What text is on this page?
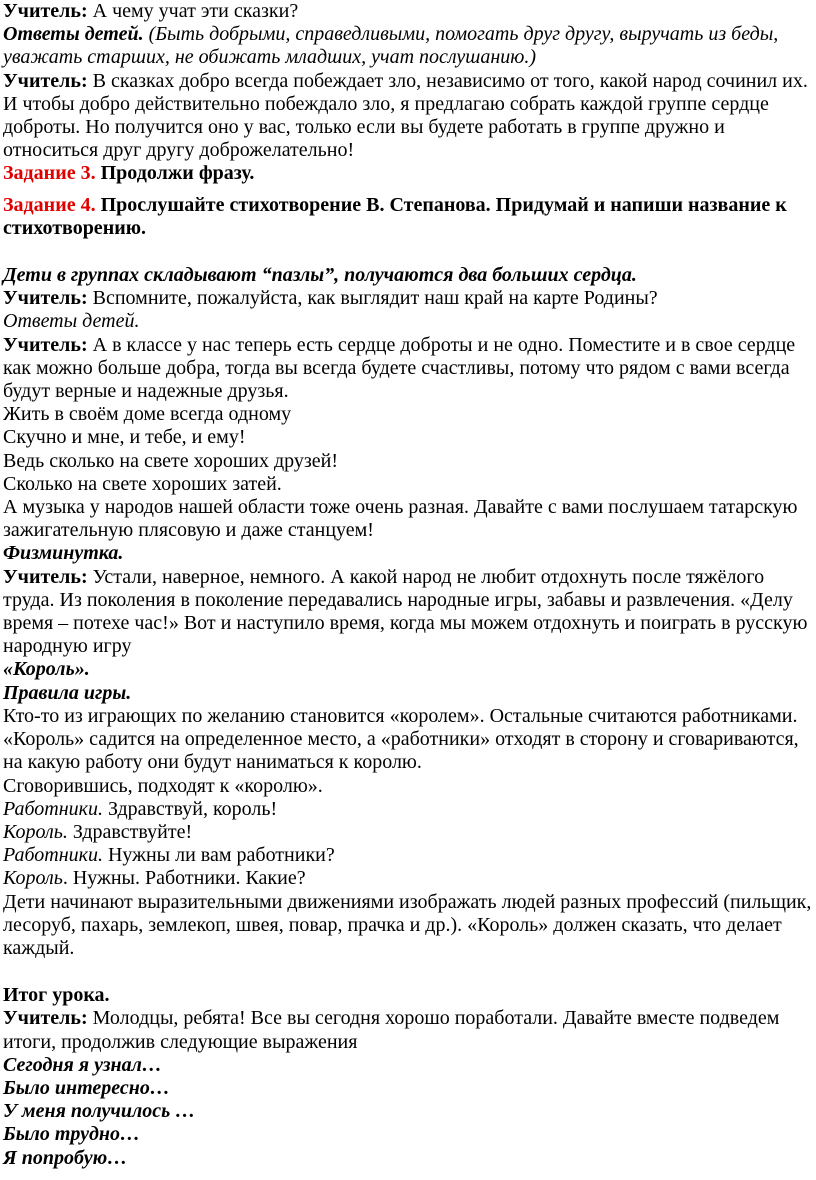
Учитель: А чему учат эти сказки?

Ответы детей. (Быть добрыми, справедливыми, помогать друг другу, выручать из беды, уважать старших, не обижать младших, учат послушанию.)

Учитель: В сказках добро всегда побеждает зло, независимо от того, какой народ сочинил их. И чтобы добро действительно побеждало зло, я предлагаю собрать каждой группе сердце доброты. Но получится оно у вас, только если вы будете работать в группе дружно и относиться друг другу доброжелательно!

Задание 3. Продолжи фразу.

Задание 4. Прослушайте стихотворение В. Степанова. Придумай и напиши название к стихотворению.

Дети в группах складывают “пазлы”, получаются два больших сердца.

Учитель: Вспомните, пожалуйста, как выглядит наш край на карте Родины?

Ответы детей.

Учитель: А в классе у нас теперь есть сердце доброты и не одно. Поместите и в свое сердце как можно больше добра, тогда вы всегда будете счастливы, потому что рядом с вами всегда будут верные и надежные друзья.

Жить в своём доме всегда одному

Скучно и мне, и тебе, и ему!

Ведь сколько на свете хороших друзей!

Сколько на свете хороших затей.

А музыка у народов нашей области тоже очень разная. Давайте с вами послушаем татарскую зажигательную плясовую и даже станцуем!

Физминутка.

Учитель: Устали, наверное, немного. А какой народ не любит отдохнуть после тяжёлого труда. Из поколения в поколение передавались народные игры, забавы и развлечения. «Делу время – потехе час!» Вот и наступило время, когда мы можем отдохнуть и поиграть в русскую народную игру

«Король».

Правила игры.

Кто-то из играющих по желанию становится «королем». Остальные считаются работниками. «Король» садится на определенное место, а «работники» отходят в сторону и сговариваются, на какую работу они будут наниматься к королю.

Сговорившись, подходят к «королю».

Работники. Здравствуй, король!

Король. Здравствуйте!

Работники. Нужны ли вам работники?

Король. Нужны. Работники. Какие?

Дети начинают выразительными движениями изображать людей разных профессий (пильщик, лесоруб, пахарь, землекоп, швея, повар, прачка и др.). «Король» должен сказать, что делает каждый.

Итог урока.

Учитель: Молодцы, ребята! Все вы сегодня хорошо поработали. Давайте вместе подведем итоги, продолжив следующие выражения

Сегодня я узнал…

Было интересно…

У меня получилось …

Было трудно…

Я попробую…
